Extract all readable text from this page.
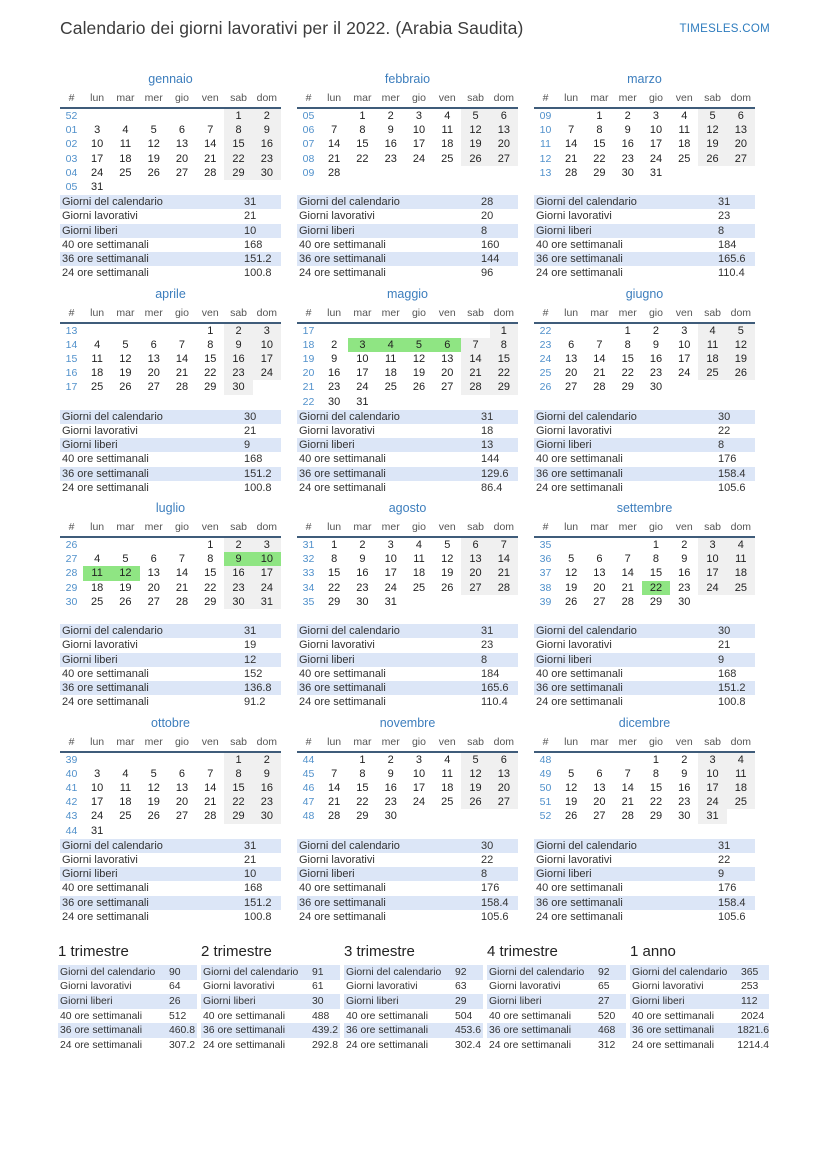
Calendario dei giorni lavorativi per il 2022. (Arabia Saudita)	TIMESLES.COM
gennaio
#	lun	mar	mer	gio	ven	sab	dom
52						1	2
01	3	4	5	6	7	8	9
02	10	11	12	13	14	15	16
03	17	18	19	20	21	22	23
04	24	25	26	27	28	29	30
05	31						
Giorni del calendario	31
Giorni lavorativi	21
Giorni liberi	10
40 ore settimanali	168
36 ore settimanali	151.2
24 ore settimanali	100.8
febbraio
#	lun	mar	mer	gio	ven	sab	dom
05		1	2	3	4	5	6
06	7	8	9	10	11	12	13
07	14	15	16	17	18	19	20
08	21	22	23	24	25	26	27
09	28						
Giorni del calendario	28
Giorni lavorativi	20
Giorni liberi	8
40 ore settimanali	160
36 ore settimanali	144
24 ore settimanali	96
marzo
#	lun	mar	mer	gio	ven	sab	dom
09		1	2	3	4	5	6
10	7	8	9	10	11	12	13
11	14	15	16	17	18	19	20
12	21	22	23	24	25	26	27
13	28	29	30	31			
Giorni del calendario	31
Giorni lavorativi	23
Giorni liberi	8
40 ore settimanali	184
36 ore settimanali	165.6
24 ore settimanali	110.4
aprile
#	lun	mar	mer	gio	ven	sab	dom
13					1	2	3
14	4	5	6	7	8	9	10
15	11	12	13	14	15	16	17
16	18	19	20	21	22	23	24
17	25	26	27	28	29	30	
Giorni del calendario	30
Giorni lavorativi	21
Giorni liberi	9
40 ore settimanali	168
36 ore settimanali	151.2
24 ore settimanali	100.8
maggio
#	lun	mar	mer	gio	ven	sab	dom
17							1
18	2	3	4	5	6	7	8
19	9	10	11	12	13	14	15
20	16	17	18	19	20	21	22
21	23	24	25	26	27	28	29
22	30	31					
Giorni del calendario	31
Giorni lavorativi	18
Giorni liberi	13
40 ore settimanali	144
36 ore settimanali	129.6
24 ore settimanali	86.4
giugno
#	lun	mar	mer	gio	ven	sab	dom
22			1	2	3	4	5
23	6	7	8	9	10	11	12
24	13	14	15	16	17	18	19
25	20	21	22	23	24	25	26
26	27	28	29	30			
Giorni del calendario	30
Giorni lavorativi	22
Giorni liberi	8
40 ore settimanali	176
36 ore settimanali	158.4
24 ore settimanali	105.6
luglio
#	lun	mar	mer	gio	ven	sab	dom
26					1	2	3
27	4	5	6	7	8	9	10
28	11	12	13	14	15	16	17
29	18	19	20	21	22	23	24
30	25	26	27	28	29	30	31
Giorni del calendario	31
Giorni lavorativi	19
Giorni liberi	12
40 ore settimanali	152
36 ore settimanali	136.8
24 ore settimanali	91.2
agosto
#	lun	mar	mer	gio	ven	sab	dom
31	1	2	3	4	5	6	7
32	8	9	10	11	12	13	14
33	15	16	17	18	19	20	21
34	22	23	24	25	26	27	28
35	29	30	31				
Giorni del calendario	31
Giorni lavorativi	23
Giorni liberi	8
40 ore settimanali	184
36 ore settimanali	165.6
24 ore settimanali	110.4
settembre
#	lun	mar	mer	gio	ven	sab	dom
35				1	2	3	4
36	5	6	7	8	9	10	11
37	12	13	14	15	16	17	18
38	19	20	21	22	23	24	25
39	26	27	28	29	30		
Giorni del calendario	30
Giorni lavorativi	21
Giorni liberi	9
40 ore settimanali	168
36 ore settimanali	151.2
24 ore settimanali	100.8
ottobre
#	lun	mar	mer	gio	ven	sab	dom
39						1	2
40	3	4	5	6	7	8	9
41	10	11	12	13	14	15	16
42	17	18	19	20	21	22	23
43	24	25	26	27	28	29	30
44	31						
Giorni del calendario	31
Giorni lavorativi	21
Giorni liberi	10
40 ore settimanali	168
36 ore settimanali	151.2
24 ore settimanali	100.8
novembre
#	lun	mar	mer	gio	ven	sab	dom
44		1	2	3	4	5	6
45	7	8	9	10	11	12	13
46	14	15	16	17	18	19	20
47	21	22	23	24	25	26	27
48	28	29	30				
Giorni del calendario	30
Giorni lavorativi	22
Giorni liberi	8
40 ore settimanali	176
36 ore settimanali	158.4
24 ore settimanali	105.6
dicembre
#	lun	mar	mer	gio	ven	sab	dom
48				1	2	3	4
49	5	6	7	8	9	10	11
50	12	13	14	15	16	17	18
51	19	20	21	22	23	24	25
52	26	27	28	29	30	31	
Giorni del calendario	31
Giorni lavorativi	22
Giorni liberi	9
40 ore settimanali	176
36 ore settimanali	158.4
24 ore settimanali	105.6
1 trimestre
Giorni del calendario	90
Giorni lavorativi	64
Giorni liberi	26
40 ore settimanali	512
36 ore settimanali	460.8
24 ore settimanali	307.2
2 trimestre
Giorni del calendario	91
Giorni lavorativi	61
Giorni liberi	30
40 ore settimanali	488
36 ore settimanali	439.2
24 ore settimanali	292.8
3 trimestre
Giorni del calendario	92
Giorni lavorativi	63
Giorni liberi	29
40 ore settimanali	504
36 ore settimanali	453.6
24 ore settimanali	302.4
4 trimestre
Giorni del calendario	92
Giorni lavorativi	65
Giorni liberi	27
40 ore settimanali	520
36 ore settimanali	468
24 ore settimanali	312
1 anno
Giorni del calendario	365
Giorni lavorativi	253
Giorni liberi	112
40 ore settimanali	2024
36 ore settimanali	1821.6
24 ore settimanali	1214.4
